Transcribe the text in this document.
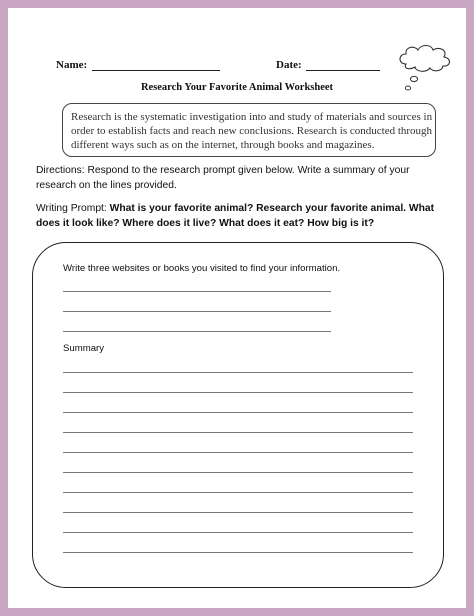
Name:	Date:
Research Your Favorite Animal Worksheet
Research is the systematic investigation into and study of materials and sources in order to establish facts and reach new conclusions. Research is conducted through different ways such as on the internet, through books and magazines.
Directions: Respond to the research prompt given below. Write a summary of your research on the lines provided.
Writing Prompt: What is your favorite animal? Research your favorite animal. What does it look like? Where does it live? What does it eat? How big is it?
Write three websites or books you visited to find your information.
Summary
